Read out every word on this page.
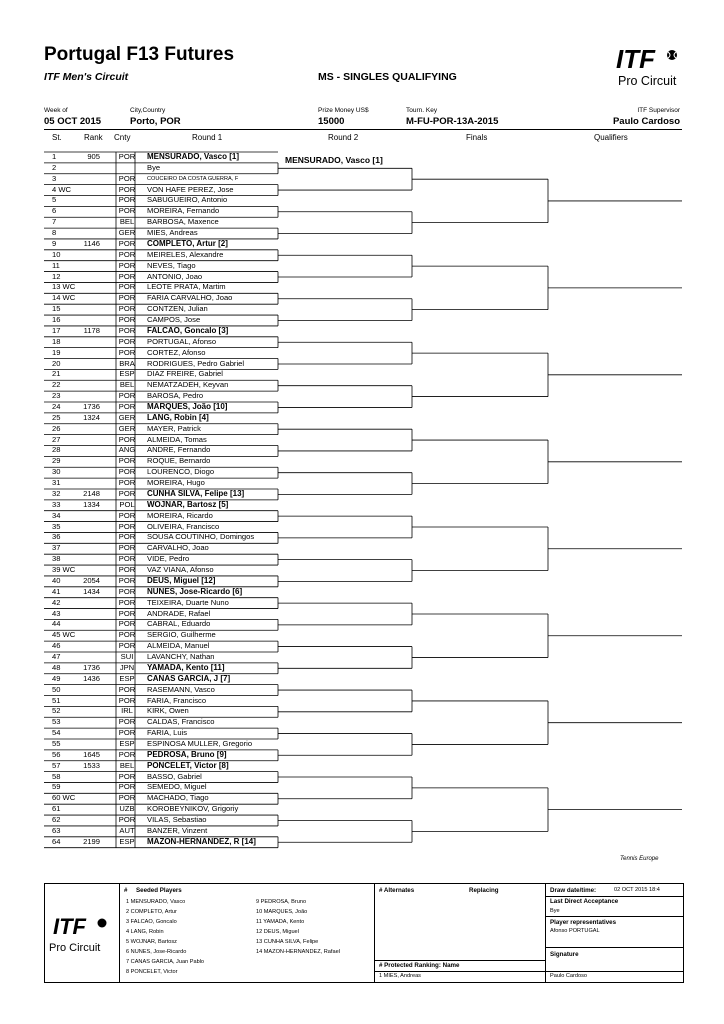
Portugal F13 Futures
ITF Men's Circuit	MS - SINGLES QUALIFYING
ITF
Pro Circuit
Week of
05 OCT 2015
City,Country
Porto, POR
Prize Money US$
15000
Tourn. Key
M-FU-POR-13A-2015
ITF Supervisor
Paulo Cardoso
St.	Rank Cnty	Round 1	Round 2	Finals	Qualifiers
1	905 POR MENSURADO, Vasco [1]
2	Bye
3	POR COUCEIRO DA COSTA GUERRA, F
4 WC	POR VON HAFE PEREZ, Jose
5	POR SABUGUEIRO, Antonio
6	POR MOREIRA, Fernando
7	BEL BARBOSA, Maxence
8	GER MIES, Andreas
9	1146 POR COMPLETO, Artur [2]
10	POR MEIRELES, Alexandre
11	POR NEVES, Tiago
12	POR ANTONIO, Joao
13 WC	POR LEOTE PRATA, Martim
14 WC	POR FARIA CARVALHO, Joao
15	POR CONTZEN, Julian
16	POR CAMPOS, Jose
17	1178 POR FALCAO, Goncalo [3]
18	POR PORTUGAL, Afonso
19	POR CORTEZ, Afonso
20	BRA RODRIGUES, Pedro Gabriel
21	ESP DIAZ FREIRE, Gabriel
22	BEL NEMATZADEH, Keyvan
23	POR BAROSA, Pedro
24	1736 POR MARQUES, João [10]
25	1324 GER LANG, Robin [4]
26	GER MAYER, Patrick
27	POR ALMEIDA, Tomas
28	ANG ANDRE, Fernando
29	POR ROQUE, Bernardo
30	POR LOURENCO, Diogo
31	POR MOREIRA, Hugo
32	2148 POR CUNHA SILVA, Felipe [13]
33	1334	POL WOJNAR, Bartosz [5]
34	POR MOREIRA, Ricardo
35	POR OLIVEIRA, Francisco
36	POR SOUSA COUTINHO, Domingos
37	POR CARVALHO, Joao
38	POR VIDE, Pedro
39 WC	POR VAZ VIANA, Afonso
40	2054 POR DEUS, Miguel [12]
41	1434 POR NUNES, Jose-Ricardo [6]
42	POR TEIXEIRA, Duarte Nuno
43	POR ANDRADE, Rafael
44	POR CABRAL, Eduardo
45 WC	POR SERGIO, Guilherme
46	POR ALMEIDA, Manuel
47	SUI	LAVANCHY, Nathan
48	1736	JPN YAMADA, Kento [11]
49	1436	ESP CANAS GARCIA, J [7]
50	POR RASEMANN, Vasco
51	POR FARIA, Francisco
52	IRL	KIRK, Owen
53	POR CALDAS, Francisco
54	POR FARIA, Luis
55	ESP ESPINOSA MULLER, Gregorio
56	1645 POR PEDROSA, Bruno [9]
57	1533	BEL PONCELET, Victor [8]
58	POR BASSO, Gabriel
59	POR SEMEDO, Miguel
60 WC	POR MACHADO, Tiago
61	UZB KOROBEYNIKOV, Grigoriy
62	POR VILAS, Sebastiao
63	AUT BANZER, Vinzent
64	2199	ESP MAZON-HERNANDEZ, R [14]
MENSURADO, Vasco [1]
Tennis Europe
ITF
Pro Circuit
# Seeded Players
1 MENSURADO, Vasco
2 COMPLETO, Artur
3 FALCAO, Goncalo
4 LANG, Robin
5 WOJNAR, Bartosz
6 NUNES, Jose-Ricardo
7 CANAS GARCIA, Juan Pablo
8 PONCELET, Victor
9 PEDROSA, Bruno
10 MARQUES, João
11 YAMADA, Kento
12 DEUS, Miguel
13 CUNHA SILVA, Felipe
14 MAZON-HERNANDEZ, Rafael
# Alternates	Replacing
# Protected Ranking: Name
1 MIES, Andreas
Draw date/time:	02 OCT 2015 18:4
Last Direct Acceptance
Bye
Player representatives
Afonso PORTUGAL
Signature
Paulo Cardoso
